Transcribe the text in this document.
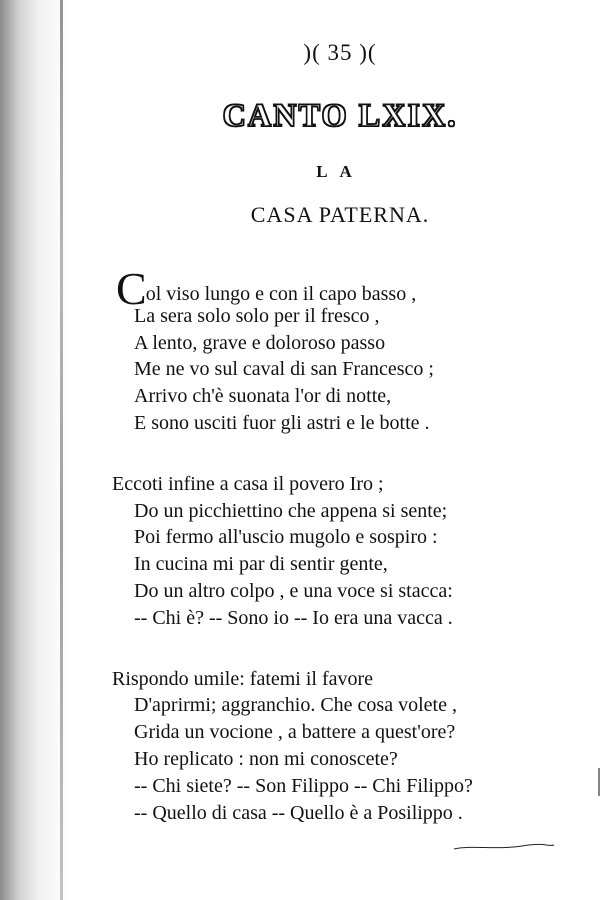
)( 35 )(
CANTO LXIX.
LA
CASA PATERNA.
Col viso lungo e con il capo basso ,
La sera solo solo per il fresco ,
A lento, grave e doloroso passo
Me ne vo sul caval di san Francesco ;
Arrivo ch'è suonata l'or di notte,
E sono usciti fuor gli astri e le botte .
Eccoti infine a casa il povero Iro ;
Do un picchiettino che appena si sente;
Poi fermo all'uscio mugolo e sospiro :
In cucina mi par di sentir gente,
Do un altro colpo , e una voce si stacca:
-- Chi è? -- Sono io -- Io era una vacca .
Rispondo umile: fatemi il favore
D'aprirmi; aggranchio. Che cosa volete ,
Grida un vocione , a battere a quest'ore?
Ho replicato : non mi conoscete?
-- Chi siete? -- Son Filippo -- Chi Filippo?
-- Quello di casa -- Quello è a Posilippo .
